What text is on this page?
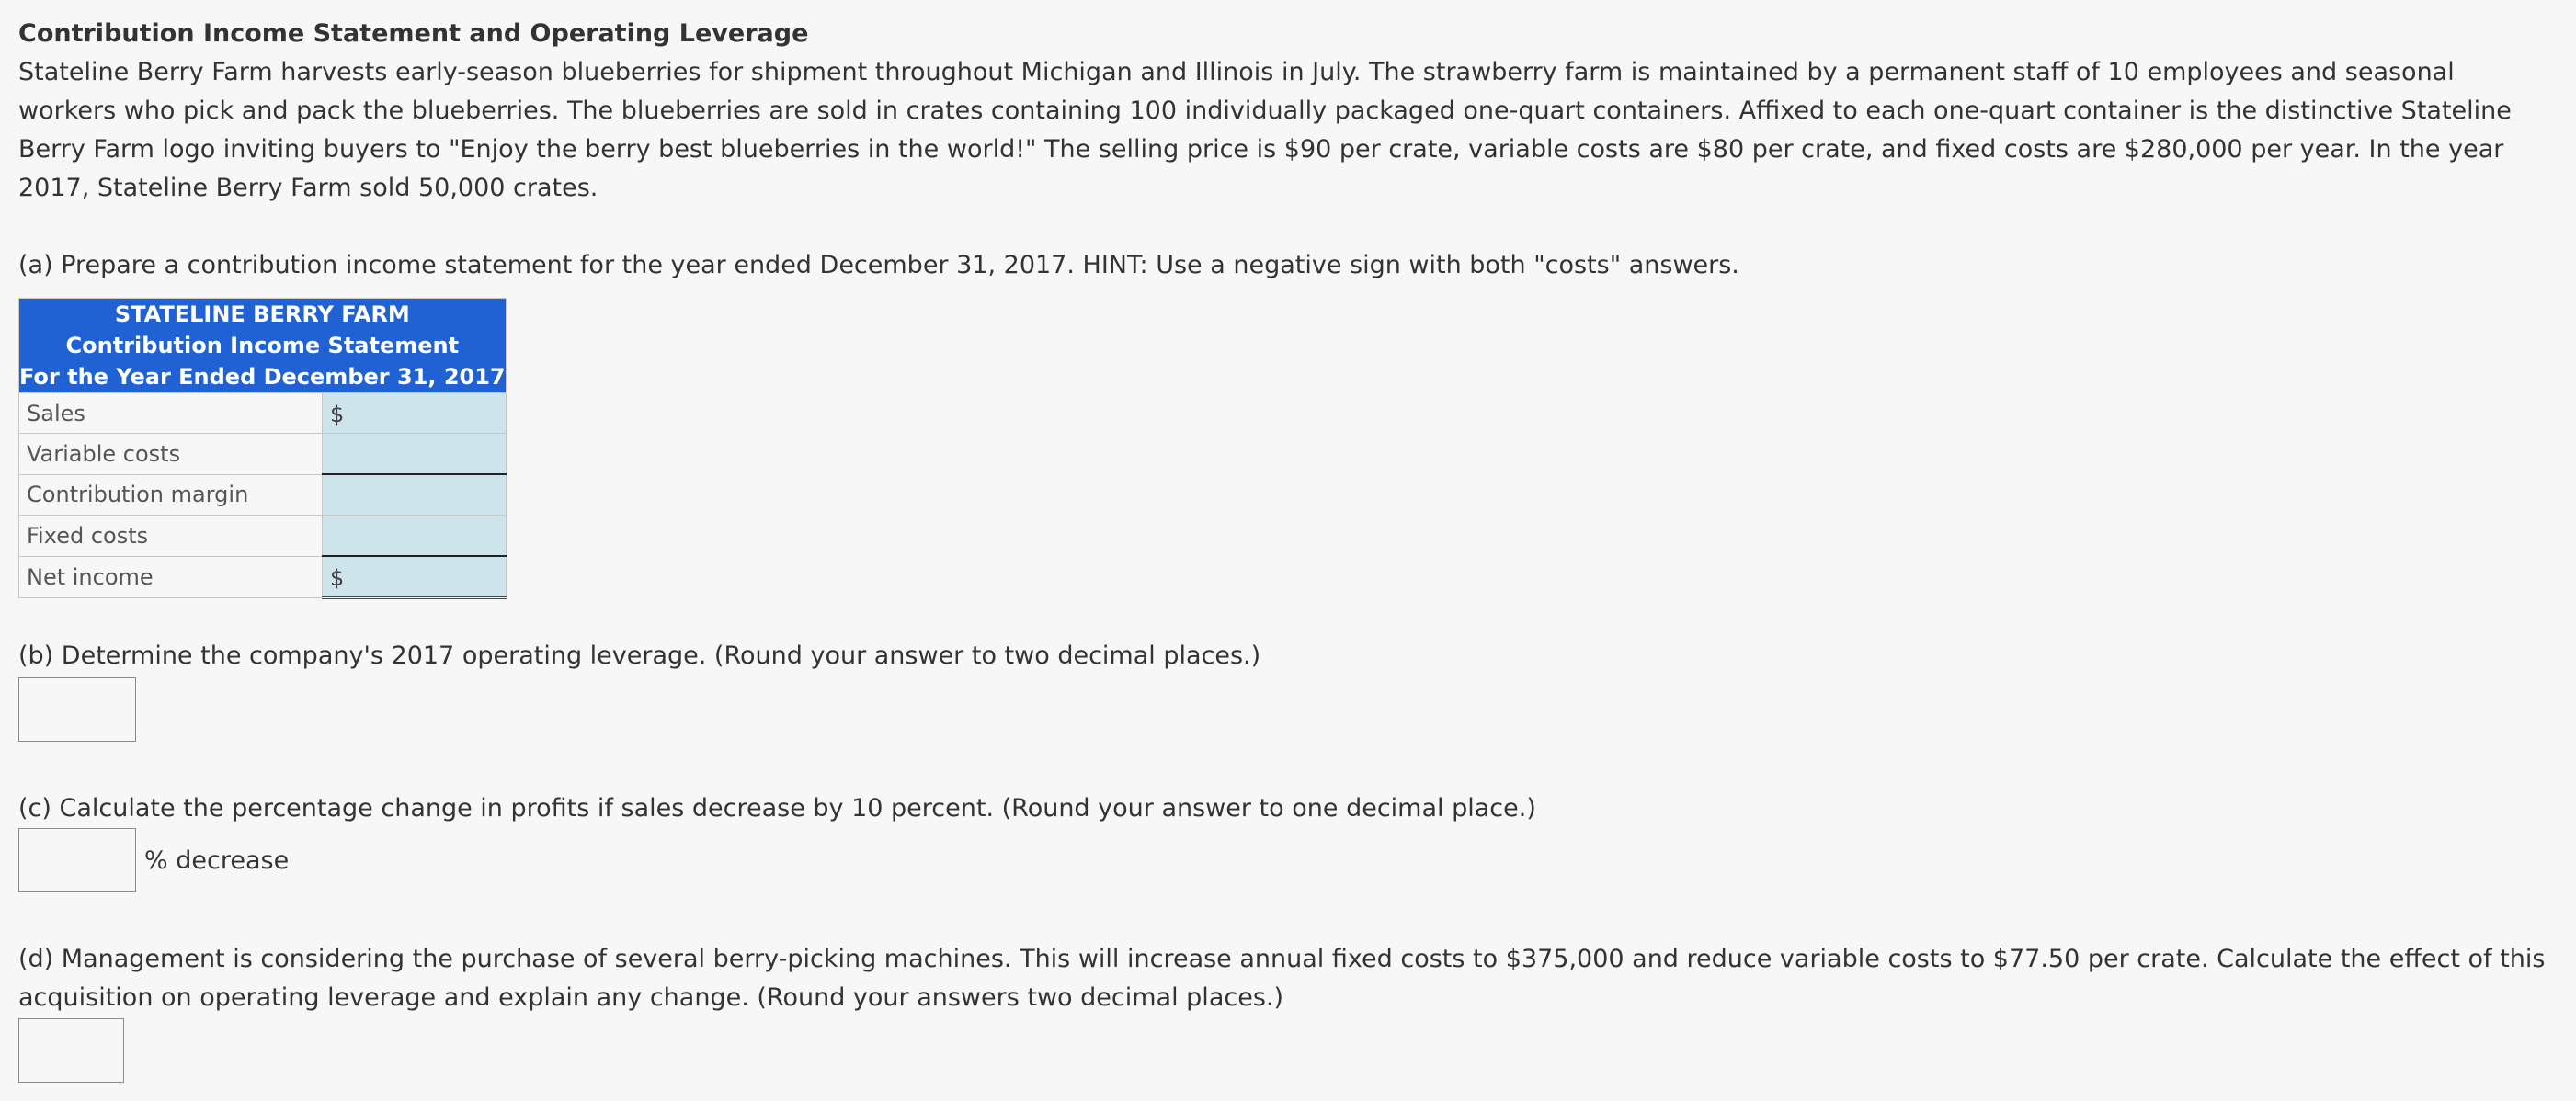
Contribution Income Statement and Operating Leverage

Stateline Berry Farm harvests early-season blueberries for shipment throughout Michigan and Illinois in July. The strawberry farm is maintained by a permanent staff of 10 employees and seasonal workers who pick and pack the blueberries. The blueberries are sold in crates containing 100 individually packaged one-quart containers. Affixed to each one-quart container is the distinctive Stateline Berry Farm logo inviting buyers to "Enjoy the berry best blueberries in the world!" The selling price is $90 per crate, variable costs are $80 per crate, and fixed costs are $280,000 per year. In the year 2017, Stateline Berry Farm sold 50,000 crates.

(a) Prepare a contribution income statement for the year ended December 31, 2017. HINT: Use a negative sign with both "costs" answers.

STATELINE BERRY FARM
Contribution Income Statement
For the Year Ended December 31, 2017	

Sales	$

Variable costs	

Contribution margin	

Fixed costs	

Net income	$

(b) Determine the company's 2017 operating leverage. (Round your answer to two decimal places.)

(c) Calculate the percentage change in profits if sales decrease by 10 percent. (Round your answer to one decimal place.)

% decrease

(d) Management is considering the purchase of several berry-picking machines. This will increase annual fixed costs to $375,000 and reduce variable costs to $77.50 per crate. Calculate the effect of this acquisition on operating leverage and explain any change. (Round your answers two decimal places.)
